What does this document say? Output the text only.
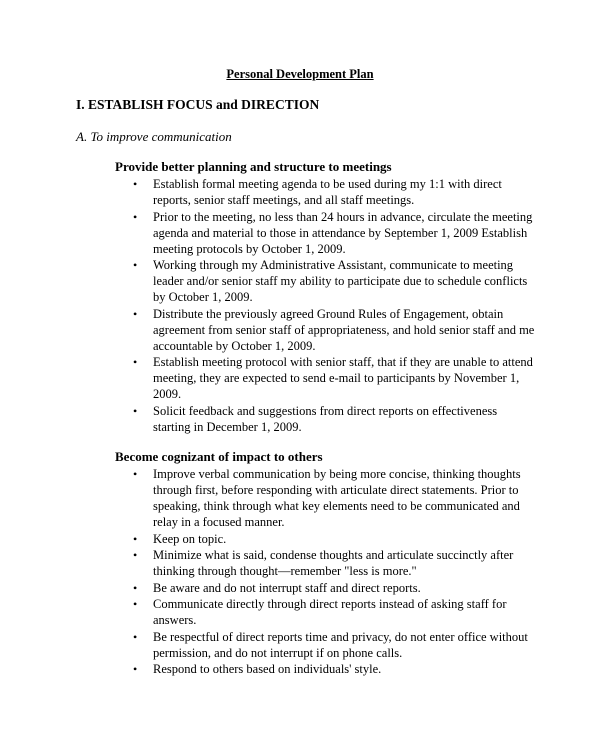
Personal Development Plan
I. ESTABLISH FOCUS and DIRECTION
A. To improve communication
Provide better planning and structure to meetings
• Establish formal meeting agenda to be used during my 1:1 with direct reports, senior staff meetings, and all staff meetings.
• Prior to the meeting, no less than 24 hours in advance, circulate the meeting agenda and material to those in attendance by September 1, 2009 Establish meeting protocols by October 1, 2009.
• Working through my Administrative Assistant, communicate to meeting leader and/or senior staff my ability to participate due to schedule conflicts by October 1, 2009.
• Distribute the previously agreed Ground Rules of Engagement, obtain agreement from senior staff of appropriateness, and hold senior staff and me accountable by October 1, 2009.
• Establish meeting protocol with senior staff, that if they are unable to attend meeting, they are expected to send e-mail to participants by November 1, 2009.
• Solicit feedback and suggestions from direct reports on effectiveness starting in December 1, 2009.
Become cognizant of impact to others
• Improve verbal communication by being more concise, thinking thoughts through first, before responding with articulate direct statements. Prior to speaking, think through what key elements need to be communicated and relay in a focused manner.
• Keep on topic.
• Minimize what is said, condense thoughts and articulate succinctly after thinking through thought—remember "less is more."
• Be aware and do not interrupt staff and direct reports.
• Communicate directly through direct reports instead of asking staff for answers.
• Be respectful of direct reports time and privacy, do not enter office without permission, and do not interrupt if on phone calls.
• Respond to others based on individuals' style.
